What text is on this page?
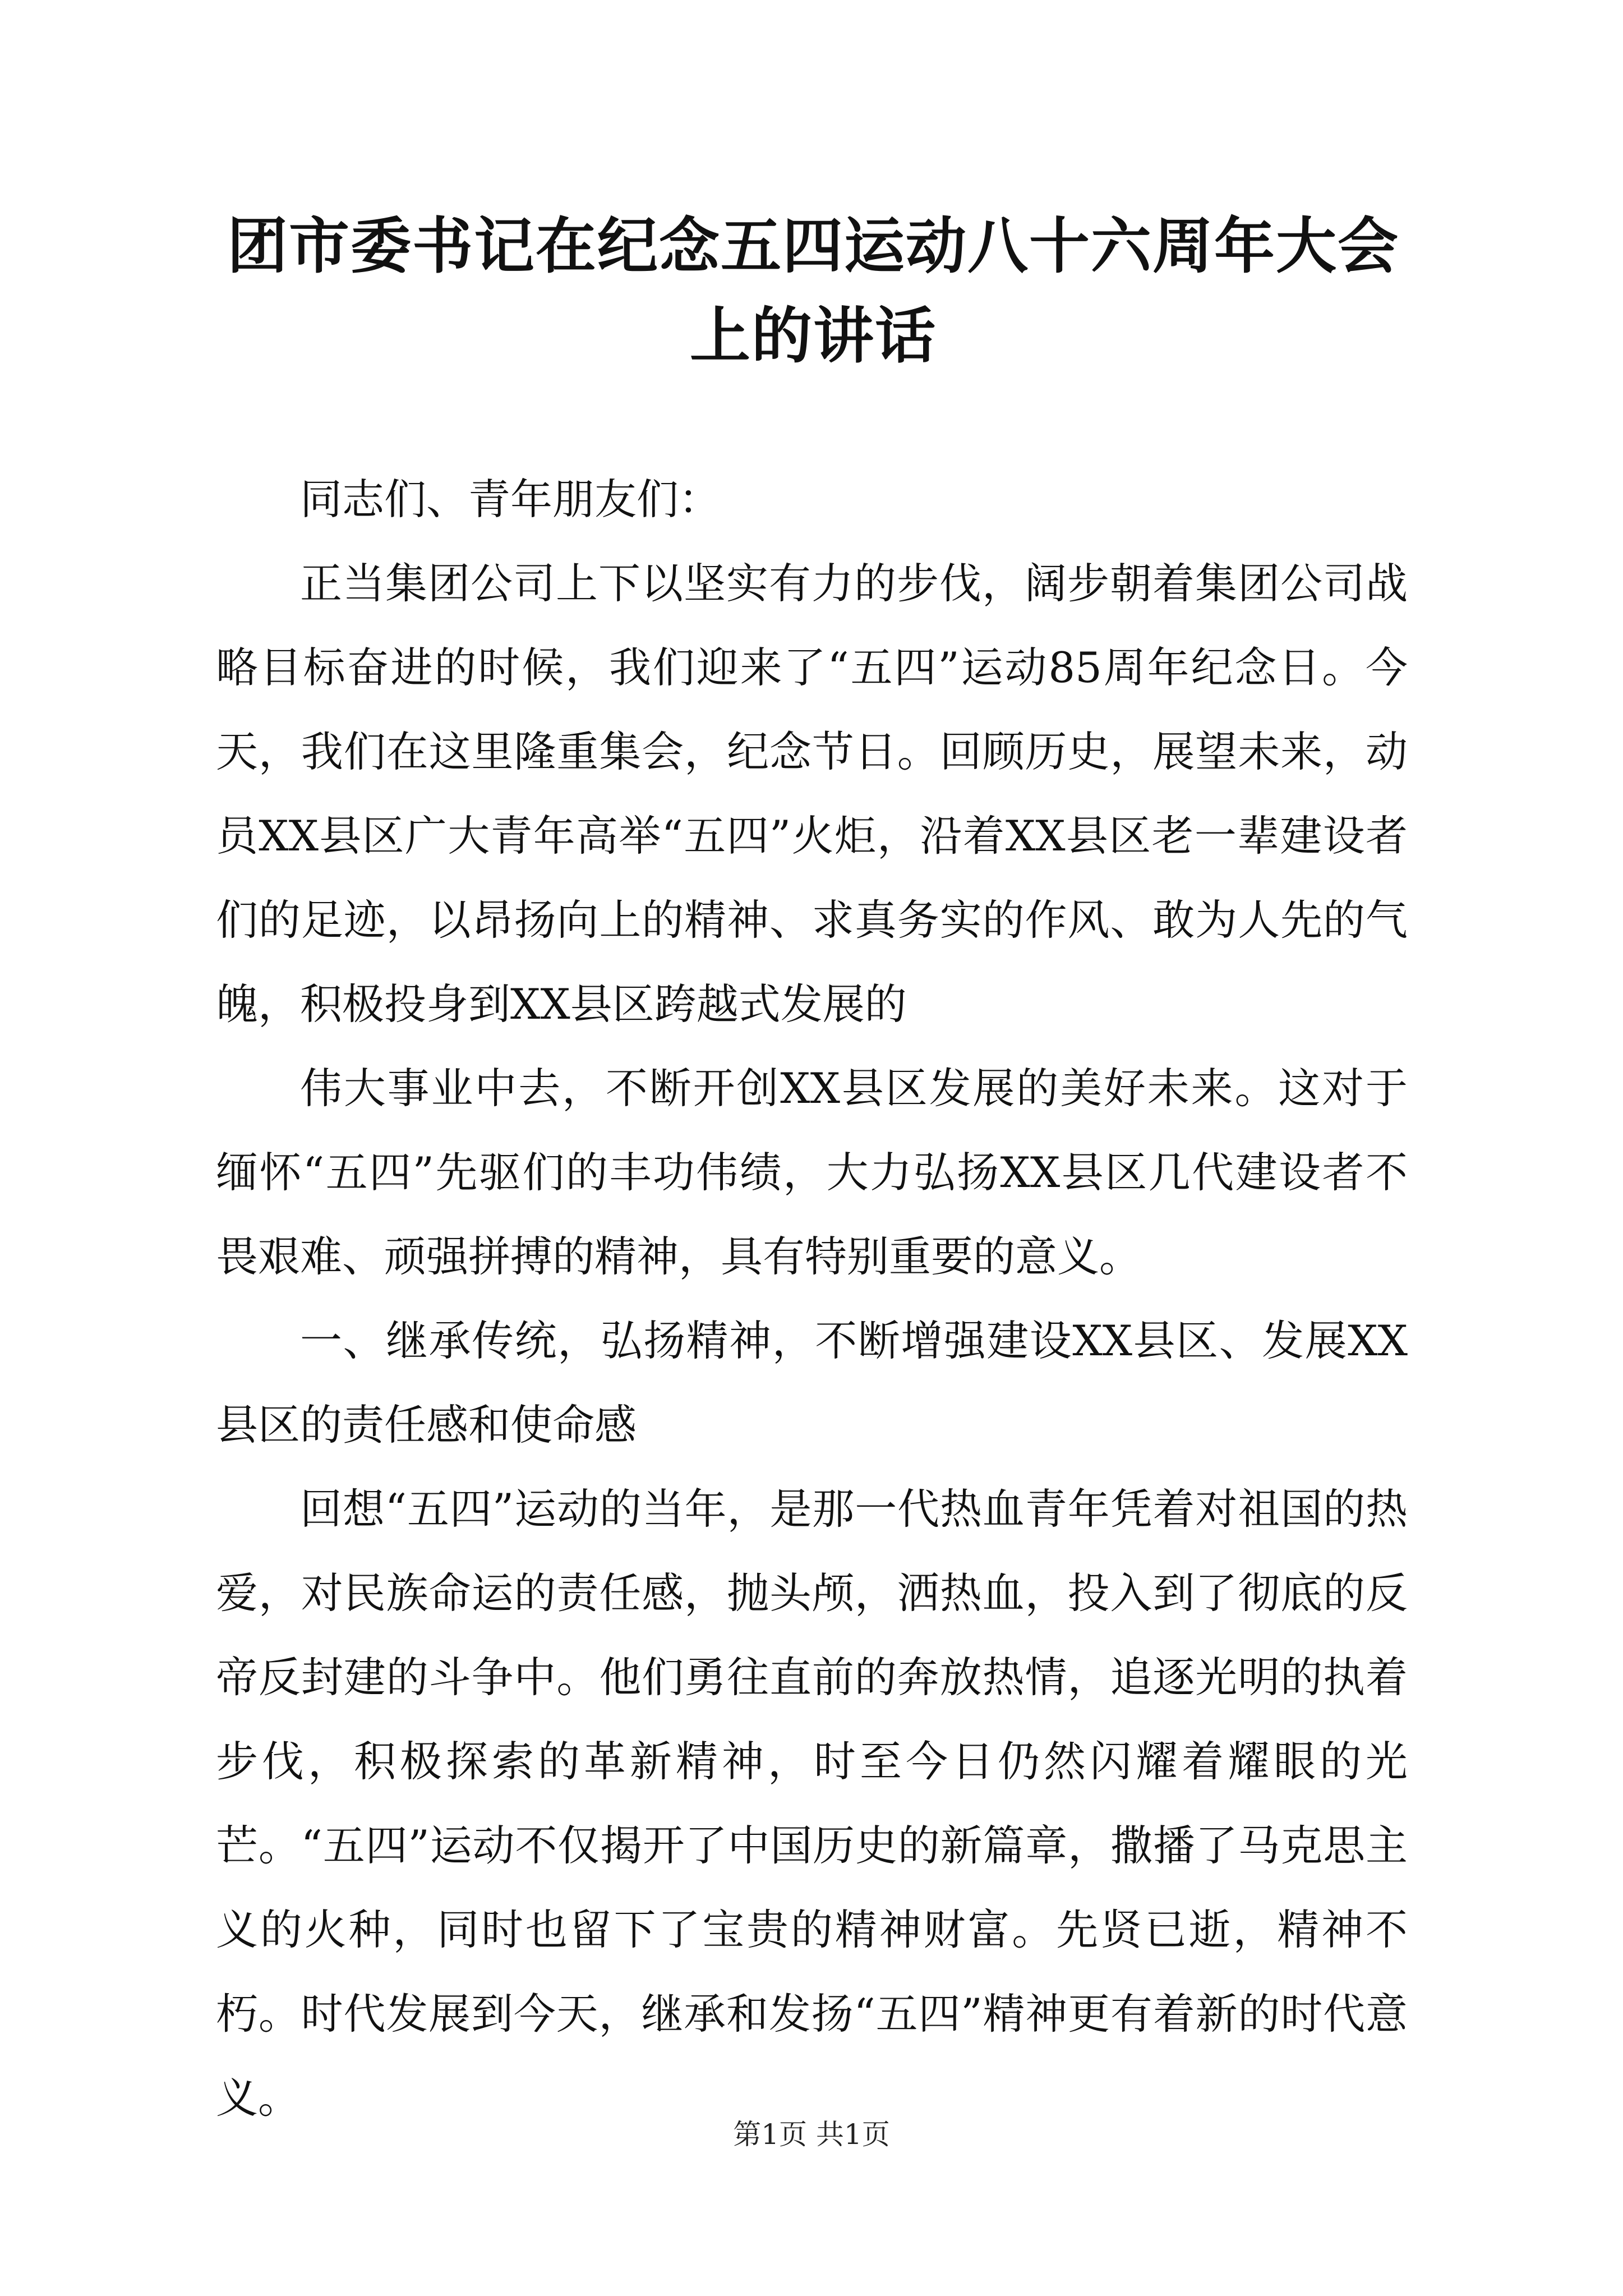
团市委书记在纪念五四运动八十六周年大会上的讲话

同志们、青年朋友们：

正当集团公司上下以坚实有力的步伐，阔步朝着集团公司战略目标奋进的时候，我们迎来了“五四”运动85周年纪念日。今天，我们在这里隆重集会，纪念节日。回顾历史，展望未来，动员XX县区广大青年高举“五四”火炬，沿着XX县区老一辈建设者们的足迹，以昂扬向上的精神、求真务实的作风、敢为人先的气魄，积极投身到XX县区跨越式发展的

伟大事业中去，不断开创XX县区发展的美好未来。这对于缅怀“五四”先驱们的丰功伟绩，大力弘扬XX县区几代建设者不畏艰难、顽强拼搏的精神，具有特别重要的意义。

一、继承传统，弘扬精神，不断增强建设XX县区、发展XX县区的责任感和使命感

回想“五四”运动的当年，是那一代热血青年凭着对祖国的热爱，对民族命运的责任感，抛头颅，洒热血，投入到了彻底的反帝反封建的斗争中。他们勇往直前的奔放热情，追逐光明的执着步伐，积极探索的革新精神，时至今日仍然闪耀着耀眼的光芒。“五四”运动不仅揭开了中国历史的新篇章，撒播了马克思主义的火种，同时也留下了宝贵的精神财富。先贤已逝，精神不朽。时代发展到今天，继承和发扬“五四”精神更有着新的时代意义。

第1页 共1页
